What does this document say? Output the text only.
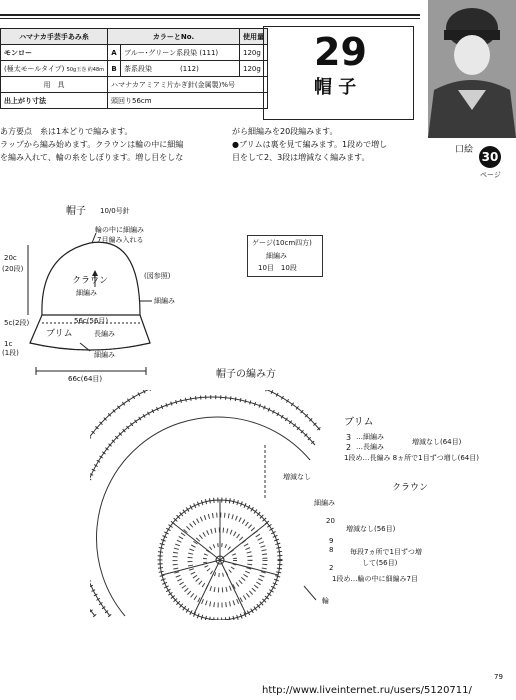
ハマナカ手芸手あみ糸	カラーとNo.		使用量
モンロー	A	ブルー･グリーン系段染 (111)	120g
(極太モールタイプ) 50g玉巻 約48m	B	茶系段染　　　　(112)	120g
用　具	ハマナカアミアミ片かぎ針(金属製)%号		
出上がり寸法	頭回り56cm		
29
帽 子
あ方要点　糸は1本どりで編みます。
ラップから編み始めます。クラウンは輪の中に細編
を編み入れて、輪の糸をしぼります。増し目をしな
がら細編みを20段編みます。
●ブリムは裏を見て編みます。1段めで増し
目をして2、3段は増減なく編みます。
口絵 30
ページ
帽子 10/0号針
輪の中に細編み
7目編み入れる
クラウン
細編み
(図参照)
細編み
20c
(20段)
5c(2段)
1c
(1段)
56c(56目)
ブリム	長編み
細編み
66c(64目)
ゲージ(10cm四方)
細編み
10目　10段
帽子の編み方
ブリム
3 …細編み
2 …長編み
増減なし(64目)
1段め…長編み 8ヵ所で1目ずつ増し(64目)
増減なし
クラウン
細編み
20
9
8
2
増減なし(56目)
毎段7ヵ所で1目ずつ増
して(56目)
1段め…輪の中に細編み7目
輪
79
http://www.liveinternet.ru/users/5120711/
